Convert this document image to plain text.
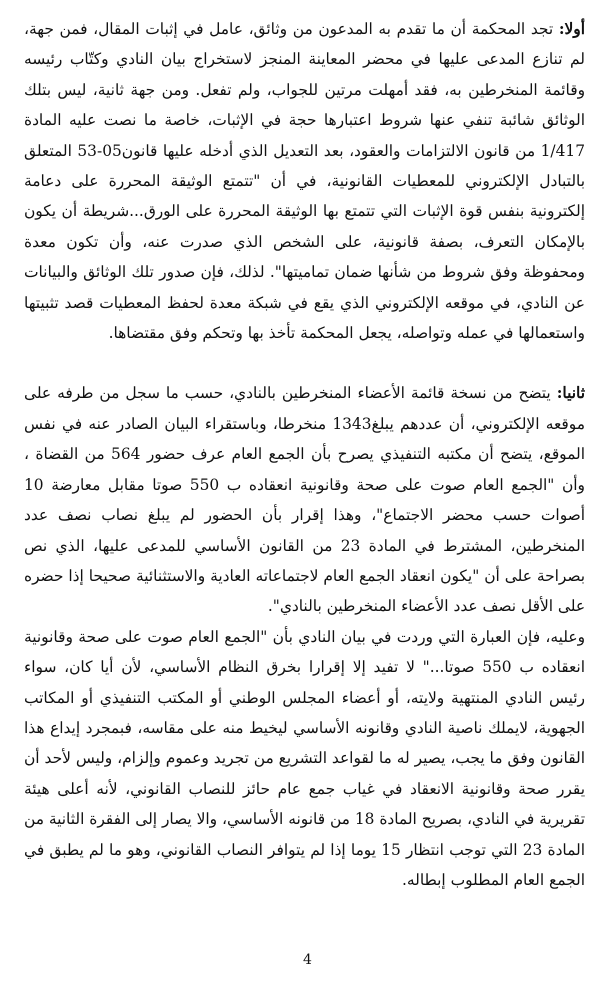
أولا: تجد المحكمة أن ما تقدم به المدعون من وثائق، عامل في إثبات المقال، فمن جهة، لم تنازع المدعى عليها في محضر المعاينة المنجز لاستخراج بيان النادي وكتّاب رئيسه وقائمة المنخرطين به، فقد أمهلت مرتين للجواب، ولم تفعل. ومن جهة ثانية، ليس بتلك الوثائق شائبة تنفي عنها شروط اعتبارها حجة في الإثبات، خاصة ما نصت عليه المادة 1/417 من قانون الالتزامات والعقود، بعد التعديل الذي أدخله عليها قانون05-53 المتعلق بالتبادل الإلكتروني للمعطيات القانونية، في أن "تتمتع الوثيقة المحررة على دعامة إلكترونية بنفس قوة الإثبات التي تتمتع بها الوثيقة المحررة على الورق...شريطة أن يكون بالإمكان التعرف، بصفة قانونية، على الشخص الذي صدرت عنه، وأن تكون معدة ومحفوظة وفق شروط من شأنها ضمان تماميتها". لذلك، فإن صدور تلك الوثائق والبيانات عن النادي، في موقعه الإلكتروني الذي يقع في شبكة معدة لحفظ المعطيات قصد تثبيتها واستعمالها في عمله وتواصله، يجعل المحكمة تأخذ بها وتحكم وفق مقتضاها.

ثانيا: يتضح من نسخة قائمة الأعضاء المنخرطين بالنادي، حسب ما سجل من طرفه على موقعه الإلكتروني، أن عددهم يبلغ1343 منخرطا، وباستقراء البيان الصادر عنه في نفس الموقع، يتضح أن مكتبه التنفيذي يصرح بأن الجمع العام عرف حضور 564 من القضاة ، وأن "الجمع العام صوت على صحة وقانونية انعقاده ب 550 صوتا مقابل معارضة 10 أصوات حسب محضر الاجتماع"، وهذا إقرار بأن الحضور لم يبلغ نصاب نصف عدد المنخرطين، المشترط في المادة 23 من القانون الأساسي للمدعى عليها، الذي نص بصراحة على أن "يكون انعقاد الجمع العام لاجتماعاته العادية والاستثنائية صحيحا إذا حضره على الأقل نصف عدد الأعضاء المنخرطين بالنادي".

وعليه، فإن العبارة التي وردت في بيان النادي بأن "الجمع العام صوت على صحة وقانونية انعقاده ب 550 صوتا..." لا تفيد إلا إقرارا بخرق النظام الأساسي، لأن أيا كان، سواء رئيس النادي المنتهية ولايته، أو أعضاء المجلس الوطني أو المكتب التنفيذي أو المكاتب الجهوية، لايملك ناصية النادي وقانونه الأساسي ليخيط منه على مقاسه، فبمجرد إيداع هذا القانون وفق ما يجب، يصير له ما لقواعد التشريع من تجريد وعموم وإلزام، وليس لأحد أن يقرر صحة وقانونية الانعقاد في غياب جمع عام حائز للنصاب القانوني، لأنه أعلى هيئة تقريرية في النادي، بصريح المادة 18 من قانونه الأساسي، والا يصار إلى الفقرة الثانية من المادة 23 التي توجب انتظار 15 يوما إذا لم يتوافر النصاب القانوني، وهو ما لم يطبق في الجمع العام المطلوب إبطاله.

4
